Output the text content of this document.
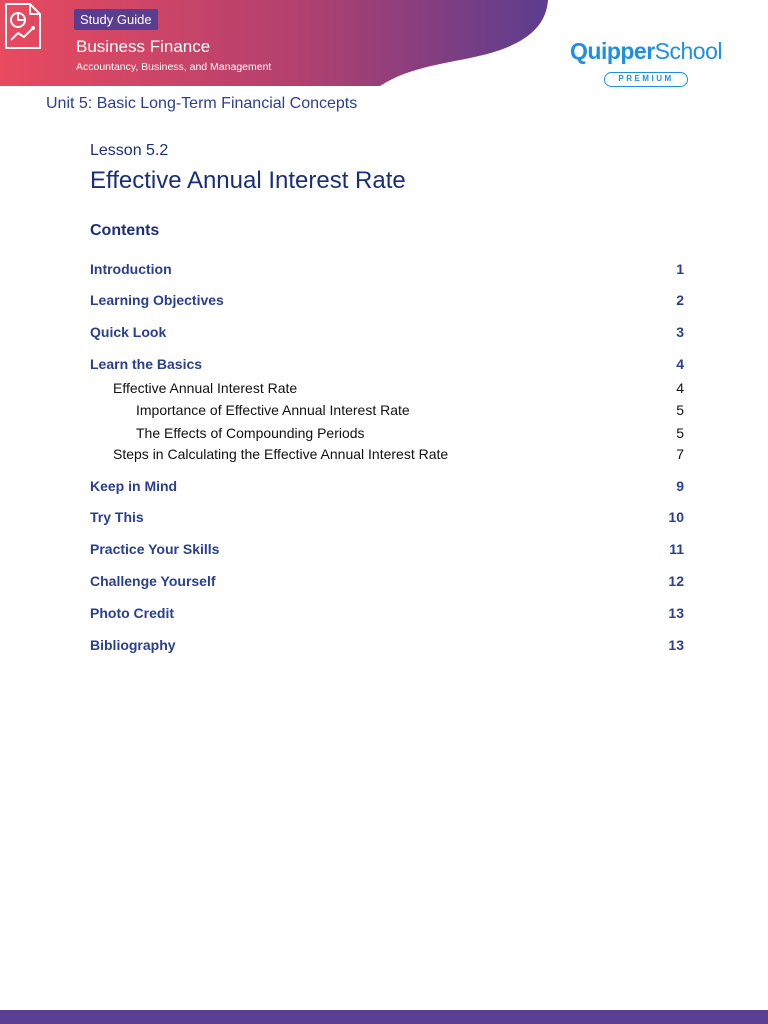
Study Guide
Business Finance
Accountancy, Business, and Management
QuipperSchool
PREMIUM
Unit 5: Basic Long-Term Financial Concepts
Lesson 5.2
Effective Annual Interest Rate
Contents
Introduction	1
Learning Objectives	2
Quick Look	3
Learn the Basics	4
Effective Annual Interest Rate	4
Importance of Effective Annual Interest Rate	5
The Effects of Compounding Periods	5
Steps in Calculating the Effective Annual Interest Rate	7
Keep in Mind	9
Try This	10
Practice Your Skills	11
Challenge Yourself	12
Photo Credit	13
Bibliography	13
